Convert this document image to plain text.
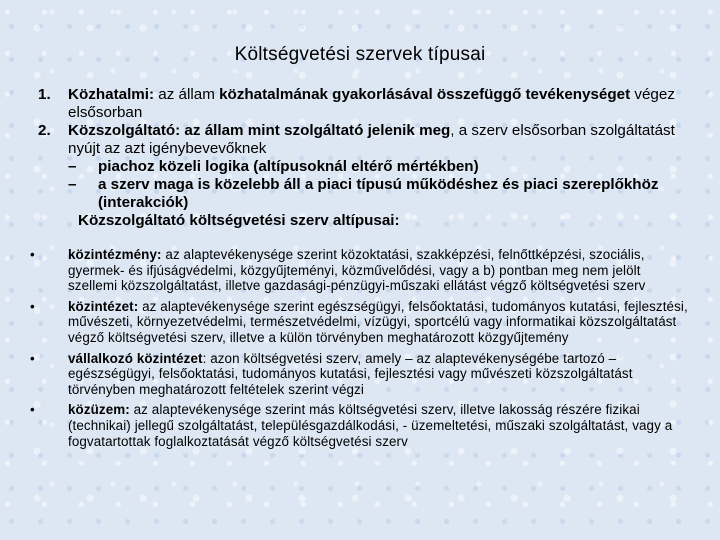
Költségvetési szervek típusai
1. Közhatalmi: az állam közhatalmának gyakorlásával összefüggő tevékenységet végez elsősorban
2. Közszolgáltató: az állam mint szolgáltató jelenik meg, a szerv elsősorban szolgáltatást nyújt az azt igénybevevőknek
– piachoz közeli logika (altípusoknál eltérő mértékben)
– a szerv maga is közelebb áll a piaci típusú működéshez és piaci szereplőkhöz (interakciók)
Közszolgáltató költségvetési szerv altípusai:
• közintézmény: az alaptevékenysége szerint közoktatási, szakképzési, felnőttképzési, szociális, gyermek- és ifjúságvédelmi, közgyűjteményi, közművelődési, vagy a b) pontban meg nem jelölt szellemi közszolgáltatást, illetve gazdasági-pénzügyi-műszaki ellátást végző költségvetési szerv
• közintézet: az alaptevékenysége szerint egészségügyi, felsőoktatási, tudományos kutatási, fejlesztési, művészeti, környezetvédelmi, természetvédelmi, vízügyi, sportcélú vagy informatikai közszolgáltatást végző költségvetési szerv, illetve a külön törvényben meghatározott közgyűjtemény
• vállalkozó közintézet: azon költségvetési szerv, amely – az alaptevékenységébe tartozó – egészségügyi, felsőoktatási, tudományos kutatási, fejlesztési vagy művészeti közszolgáltatást törvényben meghatározott feltételek szerint végzi
• közüzem: az alaptevékenysége szerint más költségvetési szerv, illetve lakosság részére fizikai (technikai) jellegű szolgáltatást, településgazdálkodási, - üzemeltetési, műszaki szolgáltatást, vagy a fogvatartottak foglalkoztatását végző költségvetési szerv
